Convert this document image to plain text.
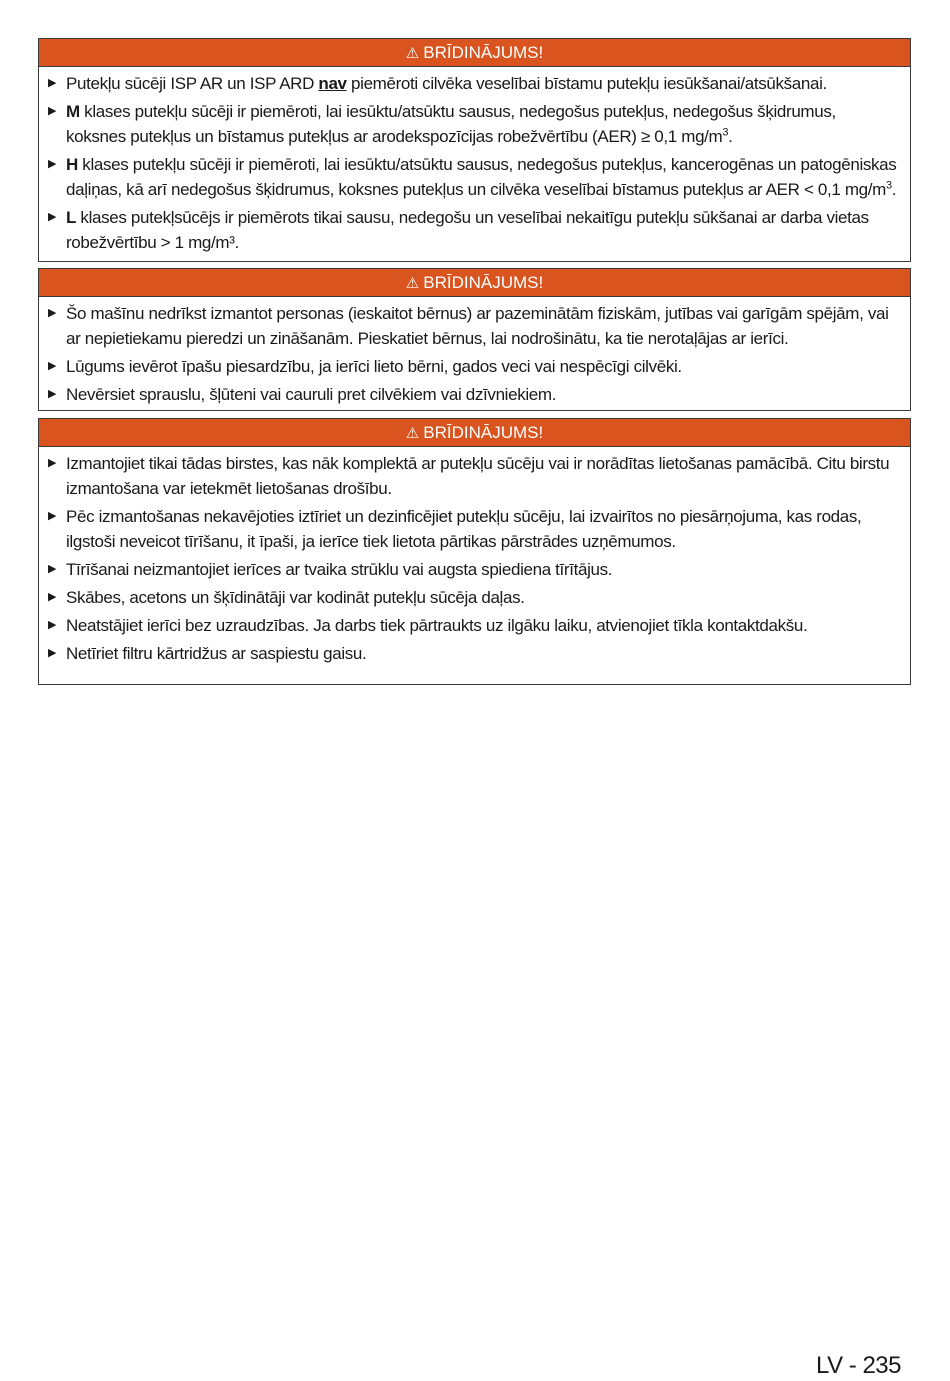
⚠ BRĪDINĀJUMS!
▶ Putekļu sūcēji ISP AR un ISP ARD nav piemēroti cilvēka veselībai bīstamu putekļu iesūkšanai/atsūkšanai.
▶ M klases putekļu sūcēji ir piemēroti, lai iesūktu/atsūktu sausus, nedegošus putekļus, nedegošus šķidrumus, koksnes putekļus un bīstamus putekļus ar arodekspozīcijas robežvērtību (AER) ≥ 0,1 $mg/m^3$.
▶ H klases putekļu sūcēji ir piemēroti, lai iesūktu/atsūktu sausus, nedegošus putekļus, kancerogēnas un patogēniskas daļiņas, kā arī nedegošus šķidrumus, koksnes putekļus un cilvēka veselībai bīstamus putekļus ar AER < 0,1 $mg/m^3$.
▶ L klases putekļsūcējs ir piemērots tikai sausu, nedegošu un veselībai nekaitīgu putekļu sūkšanai ar darba vietas robežvērtību > 1 mg/m³.
⚠ BRĪDINĀJUMS!
▶ Šo mašīnu nedrīkst izmantot personas (ieskaitot bērnus) ar pazeminātām fiziskām, jutības vai garīgām spējām, vai ar nepietiekamu pieredzi un zināšanām. Pieskatiet bērnus, lai nodrošinātu, ka tie nerotaļājas ar ierīci.
▶ Lūgums ievērot īpašu piesardzību, ja ierīci lieto bērni, gados veci vai nespēcīgi cilvēki.
▶ Nevērsiet sprauslu, šļūteni vai cauruli pret cilvēkiem vai dzīvniekiem.
⚠ BRĪDINĀJUMS!
▶ Izmantojiet tikai tādas birstes, kas nāk komplektā ar putekļu sūcēju vai ir norādītas lietošanas pamācībā. Citu birstu izmantošana var ietekmēt lietošanas drošību.
▶ Pēc izmantošanas nekavējoties iztīriet un dezinficējiet putekļu sūcēju, lai izvairītos no piesārņojuma, kas rodas, ilgstoši neveicot tīrīšanu, it īpaši, ja ierīce tiek lietota pārtikas pārstrādes uzņēmumos.
▶ Tīrīšanai neizmantojiet ierīces ar tvaika strūklu vai augsta spiediena tīrītājus.
▶ Skābes, acetons un šķīdinātāji var kodināt putekļu sūcēja daļas.
▶ Neatstājiet ierīci bez uzraudzības. Ja darbs tiek pārtraukts uz ilgāku laiku, atvienojiet tīkla kontaktdakšu.
▶ Netīriet filtru kārtridžus ar saspiestu gaisu.
LV - 235
